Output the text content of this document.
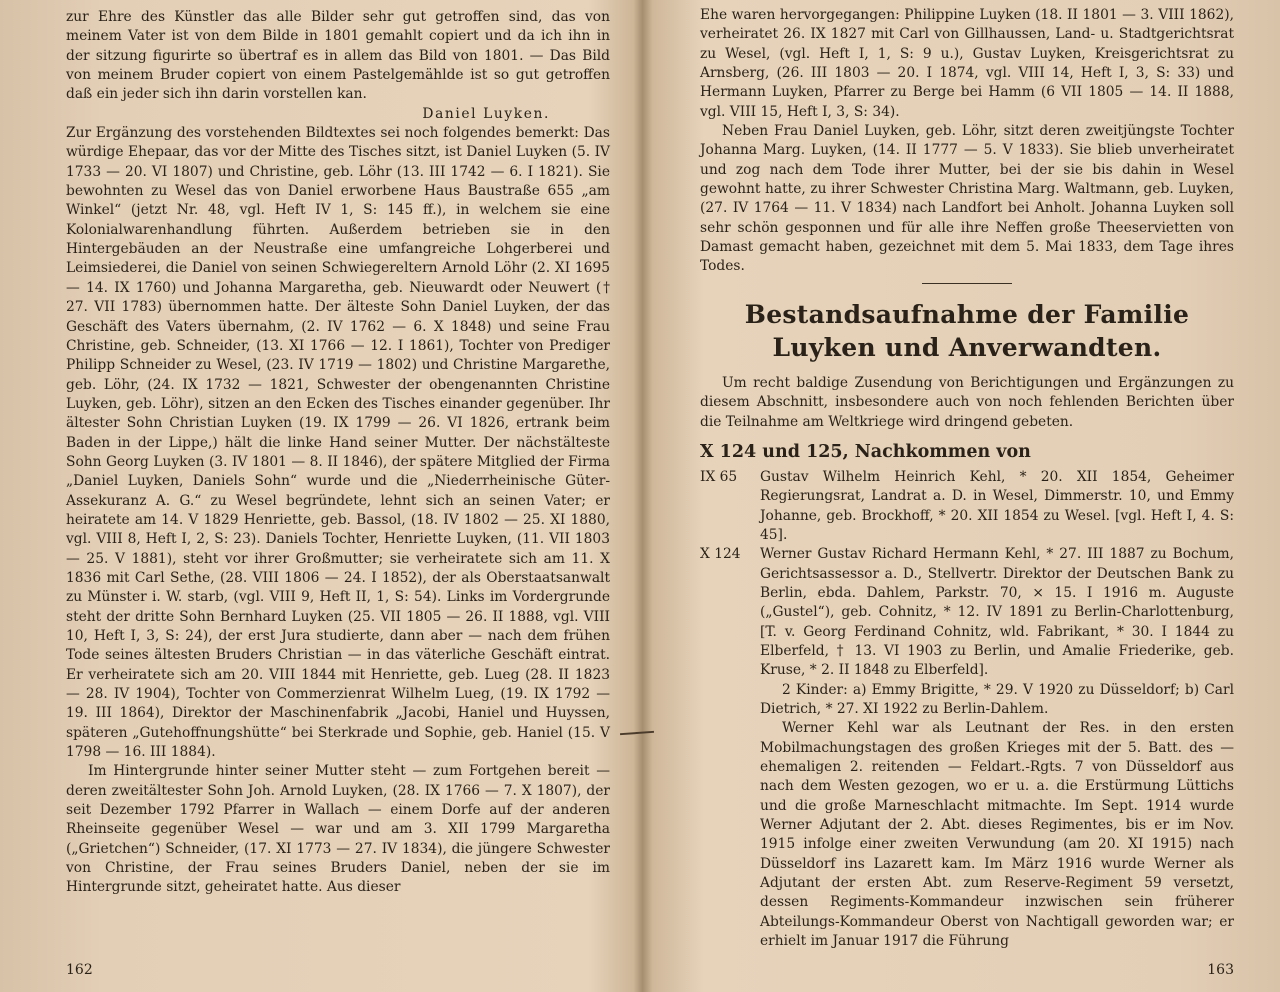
zur Ehre des Künstler das alle Bilder sehr gut getroffen sind, das von meinem Vater ist von dem Bilde in 1801 gemahlt copiert und da ich ihn in der sitzung figurirte so übertraf es in allem das Bild von 1801. — Das Bild von meinem Bruder copiert von einem Pastelgemählde ist so gut getroffen daß ein jeder sich ihn darin vorstellen kan.

Daniel Luyken.

Zur Ergänzung des vorstehenden Bildtextes sei noch folgendes bemerkt: Das würdige Ehepaar, das vor der Mitte des Tisches sitzt, ist Daniel Luyken (5. IV 1733 — 20. VI 1807) und Christine, geb. Löhr (13. III 1742 — 6. I 1821). Sie bewohnten zu Wesel das von Daniel erworbene Haus Baustraße 655 „am Winkel“ (jetzt Nr. 48, vgl. Heft IV 1, S: 145 ff.), in welchem sie eine Kolonialwarenhandlung führten. Außerdem betrieben sie in den Hintergebäuden an der Neustraße eine umfangreiche Lohgerberei und Leimsiederei, die Daniel von seinen Schwiegereltern Arnold Löhr (2. XI 1695 — 14. IX 1760) und Johanna Margaretha, geb. Nieuwardt oder Neuwert († 27. VII 1783) übernommen hatte. Der älteste Sohn Daniel Luyken, der das Geschäft des Vaters übernahm, (2. IV 1762 — 6. X 1848) und seine Frau Christine, geb. Schneider, (13. XI 1766 — 12. I 1861), Tochter von Prediger Philipp Schneider zu Wesel, (23. IV 1719 — 1802) und Christine Margarethe, geb. Löhr, (24. IX 1732 — 1821, Schwester der obengenannten Christine Luyken, geb. Löhr), sitzen an den Ecken des Tisches einander gegenüber. Ihr ältester Sohn Christian Luyken (19. IX 1799 — 26. VI 1826, ertrank beim Baden in der Lippe,) hält die linke Hand seiner Mutter. Der nächstälteste Sohn Georg Luyken (3. IV 1801 — 8. II 1846), der spätere Mitglied der Firma „Daniel Luyken, Daniels Sohn“ wurde und die „Niederrheinische Güter-Assekuranz A. G.“ zu Wesel begründete, lehnt sich an seinen Vater; er heiratete am 14. V 1829 Henriette, geb. Bassol, (18. IV 1802 — 25. XI 1880, vgl. VIII 8, Heft I, 2, S: 23). Daniels Tochter, Henriette Luyken, (11. VII 1803 — 25. V 1881), steht vor ihrer Großmutter; sie verheiratete sich am 11. X 1836 mit Carl Sethe, (28. VIII 1806 — 24. I 1852), der als Oberstaatsanwalt zu Münster i. W. starb, (vgl. VIII 9, Heft II, 1, S: 54). Links im Vordergrunde steht der dritte Sohn Bernhard Luyken (25. VII 1805 — 26. II 1888, vgl. VIII 10, Heft I, 3, S: 24), der erst Jura studierte, dann aber — nach dem frühen Tode seines ältesten Bruders Christian — in das väterliche Geschäft eintrat. Er verheiratete sich am 20. VIII 1844 mit Henriette, geb. Lueg (28. II 1823 — 28. IV 1904), Tochter von Commerzienrat Wilhelm Lueg, (19. IX 1792 — 19. III 1864), Direktor der Maschinenfabrik „Jacobi, Haniel und Huyssen, späteren „Gutehoffnungshütte“ bei Sterkrade und Sophie, geb. Haniel (15. V 1798 — 16. III 1884).

Im Hintergrunde hinter seiner Mutter steht — zum Fortgehen bereit — deren zweitältester Sohn Joh. Arnold Luyken, (28. IX 1766 — 7. X 1807), der seit Dezember 1792 Pfarrer in Wallach — einem Dorfe auf der anderen Rheinseite gegenüber Wesel — war und am 3. XII 1799 Margaretha („Grietchen“) Schneider, (17. XI 1773 — 27. IV 1834), die jüngere Schwester von Christine, der Frau seines Bruders Daniel, neben der sie im Hintergrunde sitzt, geheiratet hatte. Aus dieser

162

Ehe waren hervorgegangen: Philippine Luyken (18. II 1801 — 3. VIII 1862), verheiratet 26. IX 1827 mit Carl von Gillhaussen, Land- u. Stadtgerichtsrat zu Wesel, (vgl. Heft I, 1, S: 9 u.), Gustav Luyken, Kreisgerichtsrat zu Arnsberg, (26. III 1803 — 20. I 1874, vgl. VIII 14, Heft I, 3, S: 33) und Hermann Luyken, Pfarrer zu Berge bei Hamm (6 VII 1805 — 14. II 1888, vgl. VIII 15, Heft I, 3, S: 34).

Neben Frau Daniel Luyken, geb. Löhr, sitzt deren zweitjüngste Tochter Johanna Marg. Luyken, (14. II 1777 — 5. V 1833). Sie blieb unverheiratet und zog nach dem Tode ihrer Mutter, bei der sie bis dahin in Wesel gewohnt hatte, zu ihrer Schwester Christina Marg. Waltmann, geb. Luyken, (27. IV 1764 — 11. V 1834) nach Landfort bei Anholt. Johanna Luyken soll sehr schön gesponnen und für alle ihre Neffen große Theeservietten von Damast gemacht haben, gezeichnet mit dem 5. Mai 1833, dem Tage ihres Todes.

Bestandsaufnahme der Familie Luyken und Anverwandten.

Um recht baldige Zusendung von Berichtigungen und Ergänzungen zu diesem Abschnitt, insbesondere auch von noch fehlenden Berichten über die Teilnahme am Weltkriege wird dringend gebeten.

X 124 und 125, Nachkommen von
IX 65	Gustav Wilhelm Heinrich Kehl, * 20. XII 1854, Geheimer Regierungsrat, Landrat a. D. in Wesel, Dimmerstr. 10, und Emmy Johanne, geb. Brockhoff, * 20. XII 1854 zu Wesel. [vgl. Heft I, 4. S: 45].
X 124	Werner Gustav Richard Hermann Kehl, * 27. III 1887 zu Bochum, Gerichtsassessor a. D., Stellvertr. Direktor der Deutschen Bank zu Berlin, ebda. Dahlem, Parkstr. 70, ⨯ 15. I 1916 m. Auguste („Gustel“), geb. Cohnitz, * 12. IV 1891 zu Berlin-Charlottenburg, [T. v. Georg Ferdinand Cohnitz, wld. Fabrikant, * 30. I 1844 zu Elberfeld, † 13. VI 1903 zu Berlin, und Amalie Friederike, geb. Kruse, * 2. II 1848 zu Elberfeld].

2 Kinder: a) Emmy Brigitte, * 29. V 1920 zu Düsseldorf; b) Carl Dietrich, * 27. XI 1922 zu Berlin-Dahlem.

Werner Kehl war als Leutnant der Res. in den ersten Mobilmachungstagen des großen Krieges mit der 5. Batt. des — ehemaligen 2. reitenden — Feldart.-Rgts. 7 von Düsseldorf aus nach dem Westen gezogen, wo er u. a. die Erstürmung Lüttichs und die große Marneschlacht mitmachte. Im Sept. 1914 wurde Werner Adjutant der 2. Abt. dieses Regimentes, bis er im Nov. 1915 infolge einer zweiten Verwundung (am 20. XI 1915) nach Düsseldorf ins Lazarett kam. Im März 1916 wurde Werner als Adjutant der ersten Abt. zum Reserve-Regiment 59 versetzt, dessen Regiments-Kommandeur inzwischen sein früherer Abteilungs-Kommandeur Oberst von Nachtigall geworden war; er erhielt im Januar 1917 die Führung

163
